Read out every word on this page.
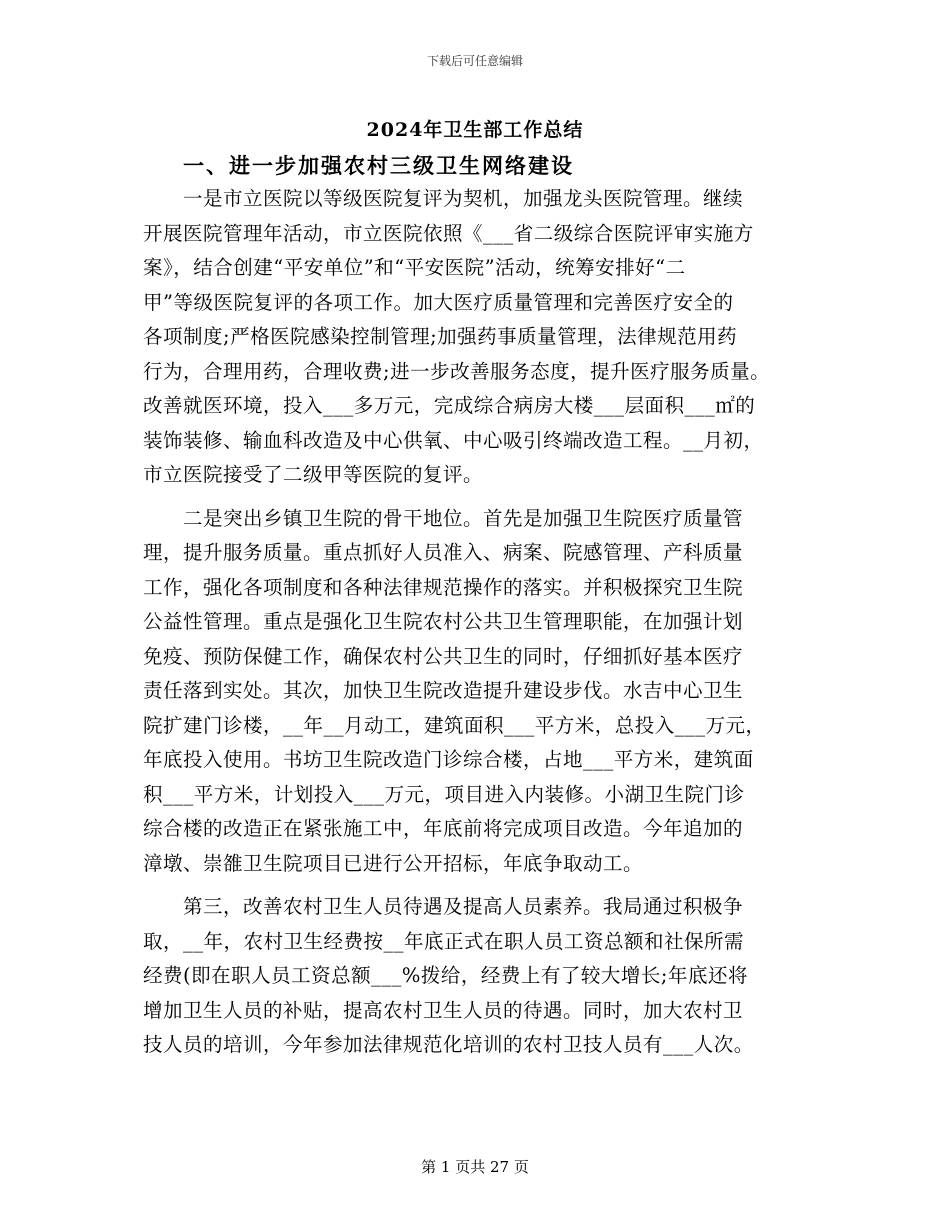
下载后可任意编辑
2024年卫生部工作总结
一、进一步加强农村三级卫生网络建设
　　一是市立医院以等级医院复评为契机，加强龙头医院管理。继续
开展医院管理年活动，市立医院依照《___省二级综合医院评审实施方
案》，结合创建“平安单位”和“平安医院”活动，统筹安排好“二
甲”等级医院复评的各项工作。加大医疗质量管理和完善医疗安全的
各项制度;严格医院感染控制管理;加强药事质量管理，法律规范用药
行为，合理用药，合理收费;进一步改善服务态度，提升医疗服务质量。
改善就医环境，投入___多万元，完成综合病房大楼___层面积___㎡的
装饰装修、输血科改造及中心供氧、中心吸引终端改造工程。__月初，
市立医院接受了二级甲等医院的复评。
　　二是突出乡镇卫生院的骨干地位。首先是加强卫生院医疗质量管
理，提升服务质量。重点抓好人员准入、病案、院感管理、产科质量
工作，强化各项制度和各种法律规范操作的落实。并积极探究卫生院
公益性管理。重点是强化卫生院农村公共卫生管理职能，在加强计划
免疫、预防保健工作，确保农村公共卫生的同时，仔细抓好基本医疗
责任落到实处。其次，加快卫生院改造提升建设步伐。水吉中心卫生
院扩建门诊楼，__年__月动工，建筑面积___平方米，总投入___万元，
年底投入使用。书坊卫生院改造门诊综合楼，占地___平方米，建筑面
积___平方米，计划投入___万元，项目进入内装修。小湖卫生院门诊
综合楼的改造正在紧张施工中，年底前将完成项目改造。今年追加的
漳墩、崇雒卫生院项目已进行公开招标，年底争取动工。
　　第三，改善农村卫生人员待遇及提高人员素养。我局通过积极争
取，__年，农村卫生经费按__年底正式在职人员工资总额和社保所需
经费(即在职人员工资总额___%拨给，经费上有了较大增长;年底还将
增加卫生人员的补贴，提高农村卫生人员的待遇。同时，加大农村卫
技人员的培训，今年参加法律规范化培训的农村卫技人员有___人次。
第 1 页共 27 页
